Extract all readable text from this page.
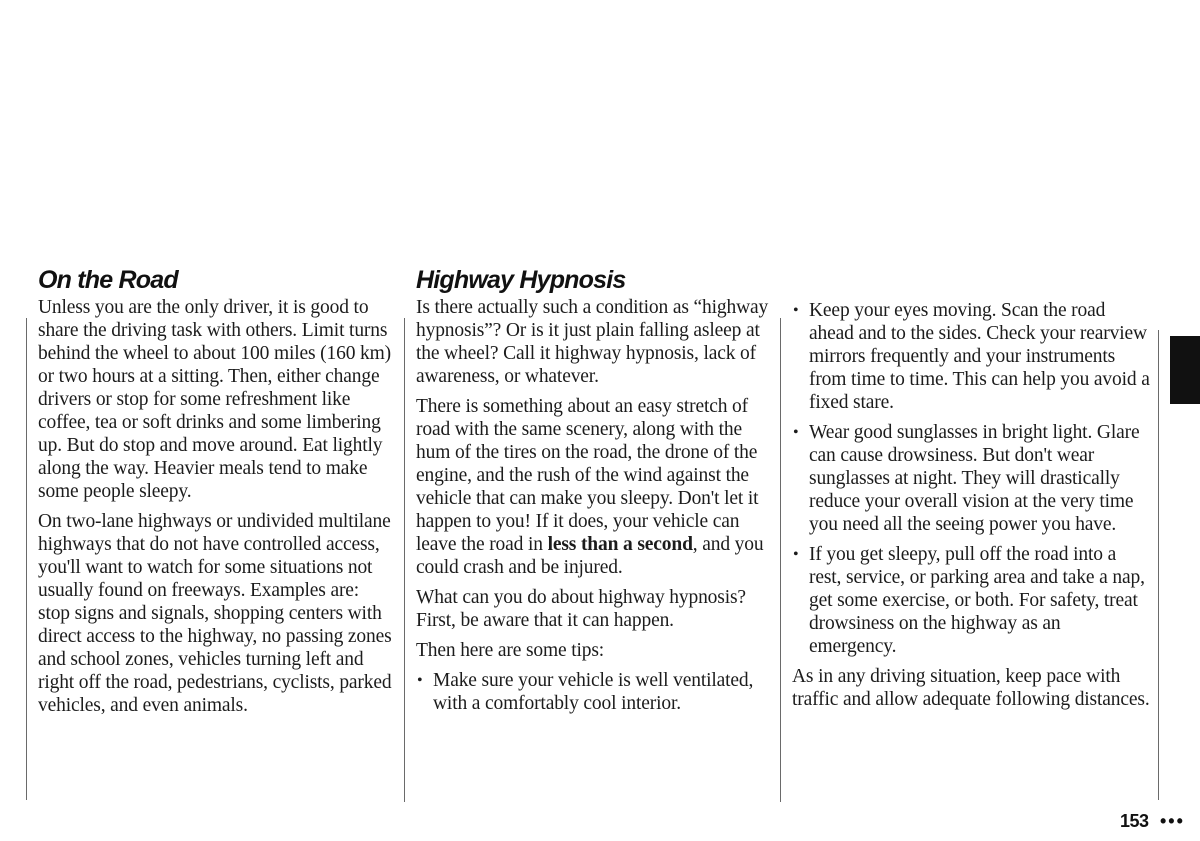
On the Road

Unless you are the only driver, it is good to share the driving task with others. Limit turns behind the wheel to about 100 miles (160 km) or two hours at a sitting. Then, either change drivers or stop for some refreshment like coffee, tea or soft drinks and some limbering up. But do stop and move around. Eat lightly along the way. Heavier meals tend to make some people sleepy.

On two-lane highways or undivided multilane highways that do not have controlled access, you'll want to watch for some situations not usually found on freeways. Examples are: stop signs and signals, shopping centers with direct access to the highway, no passing zones and school zones, vehicles turning left and right off the road, pedestrians, cyclists, parked vehicles, and even animals.

Highway Hypnosis

Is there actually such a condition as “highway hypnosis”? Or is it just plain falling asleep at the wheel? Call it highway hypnosis, lack of awareness, or whatever.

There is something about an easy stretch of road with the same scenery, along with the hum of the tires on the road, the drone of the engine, and the rush of the wind against the vehicle that can make you sleepy. Don't let it happen to you! If it does, your vehicle can leave the road in less than a second, and you could crash and be injured.

What can you do about highway hypnosis? First, be aware that it can happen.

Then here are some tips:

• Make sure your vehicle is well ventilated, with a comfortably cool interior.
• Keep your eyes moving. Scan the road ahead and to the sides. Check your rearview mirrors frequently and your instruments from time to time. This can help you avoid a fixed stare.
• Wear good sunglasses in bright light. Glare can cause drowsiness. But don't wear sunglasses at night. They will drastically reduce your overall vision at the very time you need all the seeing power you have.
• If you get sleepy, pull off the road into a rest, service, or parking area and take a nap, get some exercise, or both. For safety, treat drowsiness on the highway as an emergency.

As in any driving situation, keep pace with traffic and allow adequate following distances.

153 •••
